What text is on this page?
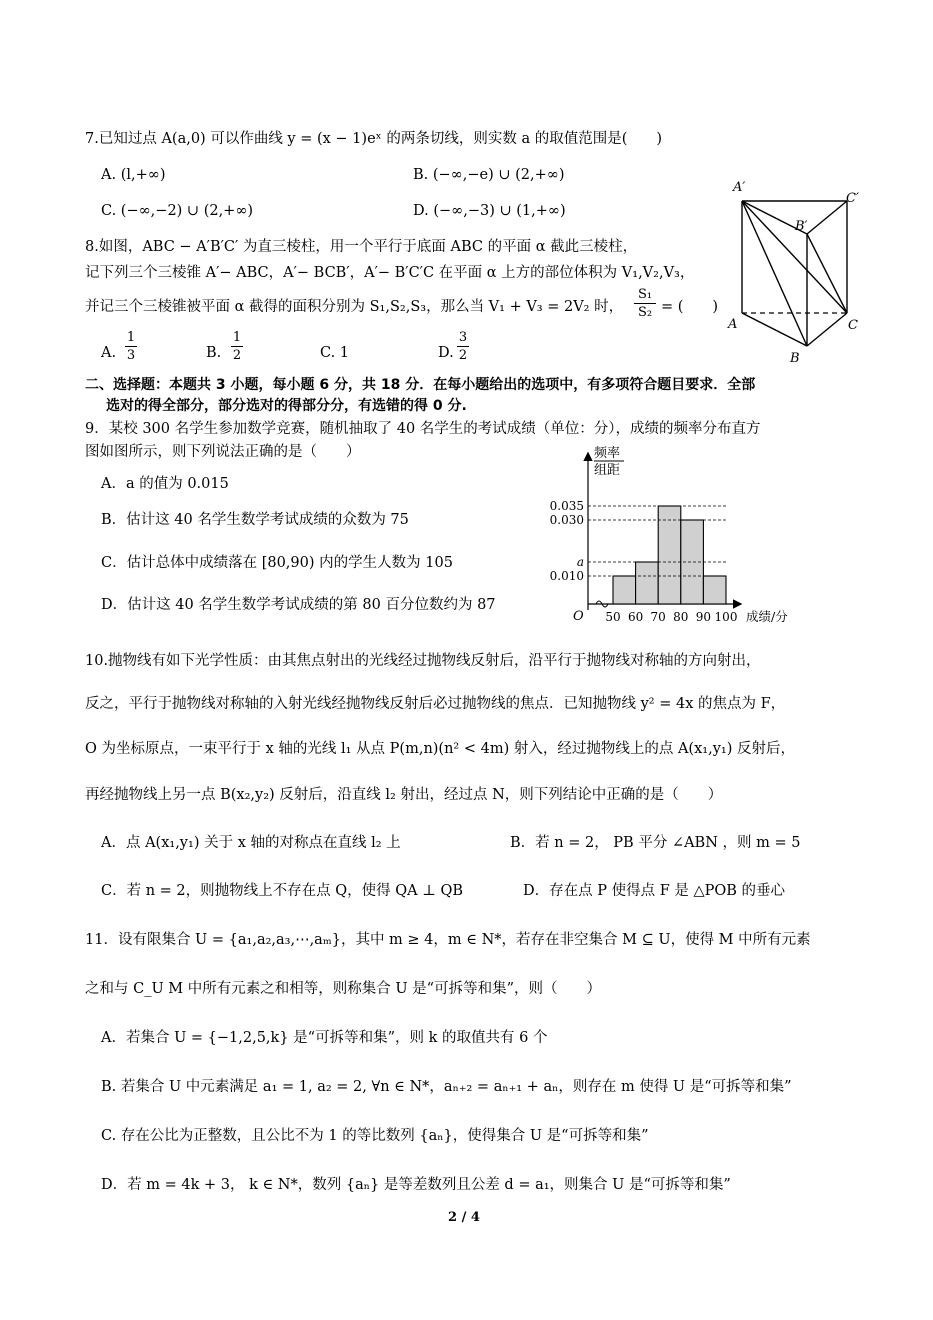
7.已知过点 A(a,0) 可以作曲线 y = (x − 1)eˣ 的两条切线，则实数 a 的取值范围是(　　)
A. (l,+∞)	B. (−∞,−e) ∪ (2,+∞)
C. (−∞,−2) ∪ (2,+∞)	D. (−∞,−3) ∪ (1,+∞)
8.如图，ABC − A′B′C′ 为直三棱柱，用一个平行于底面 ABC 的平面 α 截此三棱柱，
记下列三个三棱锥 A′− ABC，A′− BCB′，A′− B′C′C 在平面 α 上方的部位体积为 V₁,V₂,V₃，
并记三个三棱锥被平面 α 截得的面积分别为 S₁,S₂,S₃，那么当 V₁ + V₃ = 2V₂ 时，
S₁
S₂ = (　　)
A.
1
3	B.
1
2	C. 1	D.
3
2
A′
C′
B′
A	C
B
二、选择题：本题共 3 小题，每小题 6 分，共 18 分．在每小题给出的选项中，有多项符合题目要求．全部
选对的得全部分，部分选对的得部分分，有选错的得 0 分.
9．某校 300 名学生参加数学竞赛，随机抽取了 40 名学生的考试成绩（单位：分），成绩的频率分布直方
图如图所示，则下列说法正确的是（　　）
A．a 的值为 0.015
B．估计这 40 名学生数学考试成绩的众数为 75
C．估计总体中成绩落在 [80,90) 内的学生人数为 105
D．估计这 40 名学生数学考试成绩的第 80 百分位数约为 87
频率
组距
O	成绩/分
0.035
0.030
a
0.010
50 60 70 80 90 100
10.抛物线有如下光学性质：由其焦点射出的光线经过抛物线反射后，沿平行于抛物线对称轴的方向射出，
反之，平行于抛物线对称轴的入射光线经抛物线反射后必过抛物线的焦点．已知抛物线 y² = 4x 的焦点为 F，
O 为坐标原点，一束平行于 x 轴的光线 l₁ 从点 P(m,n)(n² < 4m) 射入，经过抛物线上的点 A(x₁,y₁) 反射后，
再经抛物线上另一点 B(x₂,y₂) 反射后，沿直线 l₂ 射出，经过点 N，则下列结论中正确的是（　　）
A．点 A(x₁,y₁) 关于 x 轴的对称点在直线 l₂ 上	B．若 n = 2， PB 平分 ∠ABN ，则 m = 5
C．若 n = 2，则抛物线上不存在点 Q，使得 QA ⊥ QB	D．存在点 P 使得点 F 是 △POB 的垂心
11．设有限集合 U = {a₁,a₂,a₃,⋯,aₘ}，其中 m ≥ 4，m ∈ N*，若存在非空集合 M ⊆ U，使得 M 中所有元素
之和与 C_U M 中所有元素之和相等，则称集合 U 是“可拆等和集”，则（　　）
A．若集合 U = {−1,2,5,k} 是“可拆等和集”，则 k 的取值共有 6 个
B. 若集合 U 中元素满足 a₁ = 1, a₂ = 2, ∀n ∈ N*，aₙ₊₂ = aₙ₊₁ + aₙ，则存在 m 使得 U 是“可拆等和集”
C. 存在公比为正整数，且公比不为 1 的等比数列 {aₙ}，使得集合 U 是“可拆等和集”
D．若 m = 4k + 3， k ∈ N*，数列 {aₙ} 是等差数列且公差 d = a₁，则集合 U 是“可拆等和集”
2 / 4
